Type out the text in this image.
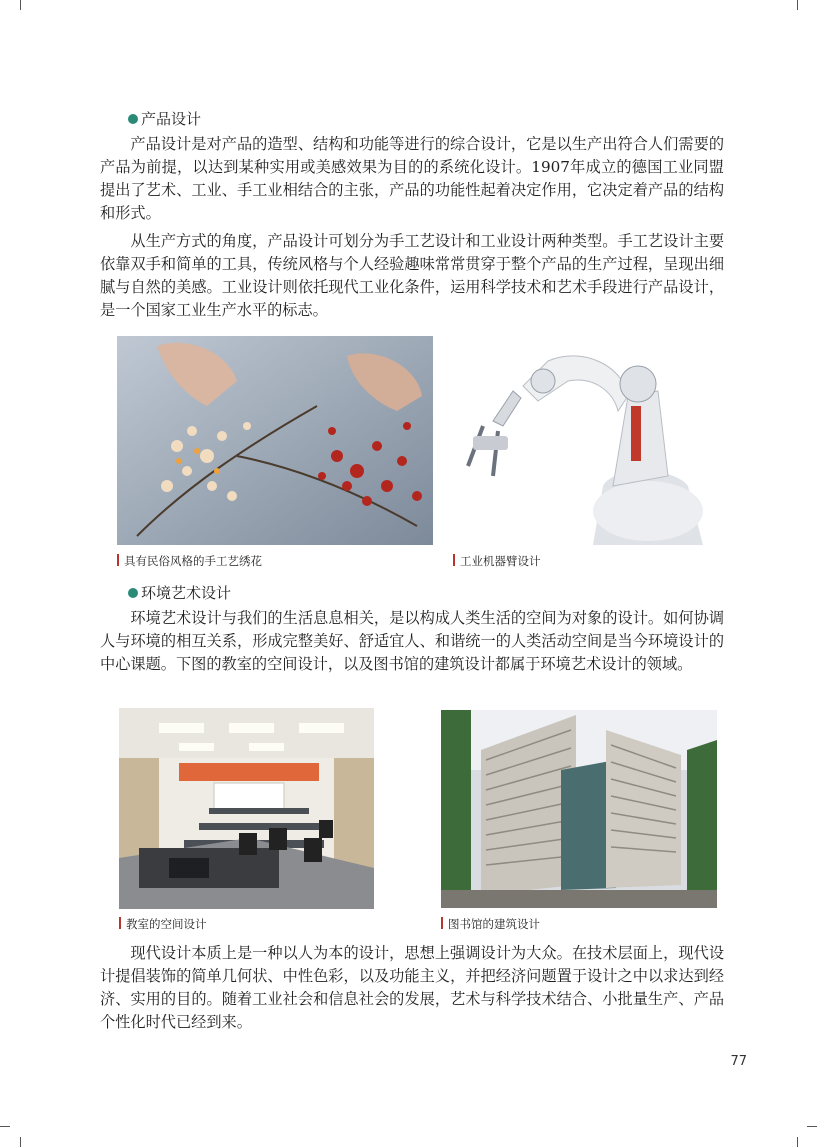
产品设计

产品设计是对产品的造型、结构和功能等进行的综合设计，它是以生产出符合人们需要的产品为前提，以达到某种实用或美感效果为目的的系统化设计。1907年成立的德国工业同盟提出了艺术、工业、手工业相结合的主张，产品的功能性起着决定作用，它决定着产品的结构和形式。

从生产方式的角度，产品设计可划分为手工艺设计和工业设计两种类型。手工艺设计主要依靠双手和简单的工具，传统风格与个人经验趣味常常贯穿于整个产品的生产过程，呈现出细腻与自然的美感。工业设计则依托现代工业化条件，运用科学技术和艺术手段进行产品设计，是一个国家工业生产水平的标志。

具有民俗风格的手工艺绣花	工业机器臂设计
环境艺术设计

环境艺术设计与我们的生活息息相关，是以构成人类生活的空间为对象的设计。如何协调人与环境的相互关系，形成完整美好、舒适宜人、和谐统一的人类活动空间是当今环境设计的中心课题。下图的教室的空间设计，以及图书馆的建筑设计都属于环境艺术设计的领域。

教室的空间设计	图书馆的建筑设计

现代设计本质上是一种以人为本的设计，思想上强调设计为大众。在技术层面上，现代设计提倡装饰的简单几何状、中性色彩，以及功能主义，并把经济问题置于设计之中以求达到经济、实用的目的。随着工业社会和信息社会的发展，艺术与科学技术结合、小批量生产、产品个性化时代已经到来。

77
